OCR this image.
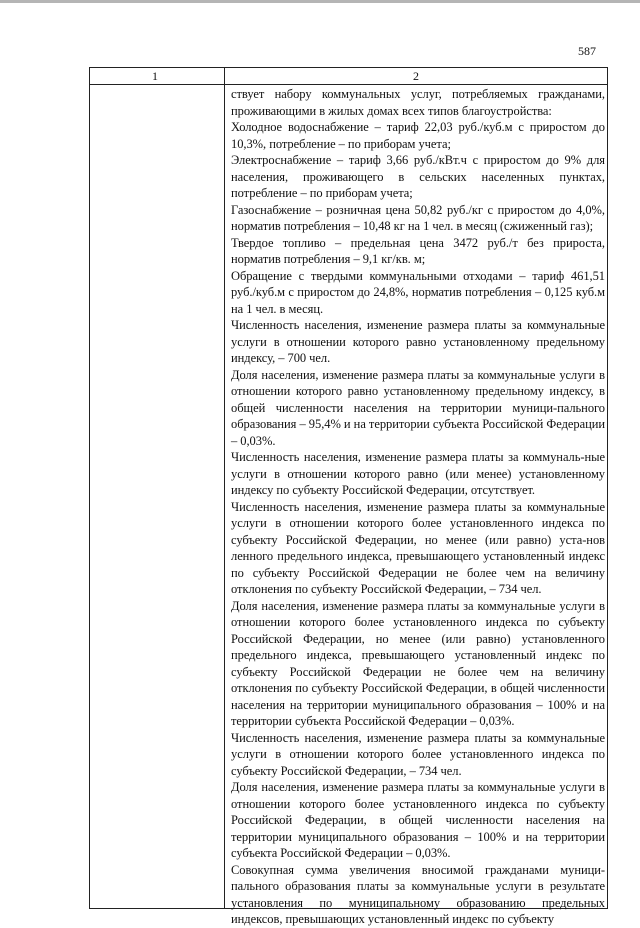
587
1	2

ствует набору коммунальных услуг, потребляемых гражданами, проживающими в жилых домах всех типов благоустройства:

Холодное водоснабжение – тариф 22,03 руб./куб.м с приростом до 10,3%, потребление – по приборам учета;

Электроснабжение – тариф 3,66 руб./кВт.ч с приростом до 9% для населения, проживающего в сельских населенных пунктах, потребление – по приборам учета;

Газоснабжение – розничная цена 50,82 руб./кг с приростом до 4,0%, норматив потребления – 10,48 кг на 1 чел. в месяц (сжиженный газ);

Твердое топливо – предельная цена 3472 руб./т без прироста, норматив потребления – 9,1 кг/кв. м;

Обращение с твердыми коммунальными отходами – тариф 461,51 руб./куб.м с приростом до 24,8%, норматив потребления – 0,125 куб.м на 1 чел. в месяц.

Численность населения, изменение размера платы за коммунальные услуги в отношении которого равно установленному предельному индексу, – 700 чел.

Доля населения, изменение размера платы за коммунальные услуги в отношении которого равно установленному предельному индексу, в общей численности населения на территории муници-пального образования – 95,4% и на территории субъекта Российской Федерации – 0,03%.

Численность населения, изменение размера платы за коммуналь-ные услуги в отношении которого равно (или менее) установленному индексу по субъекту Российской Федерации, отсутствует.

Численность населения, изменение размера платы за коммунальные услуги в отношении которого более установленного индекса по субъекту Российской Федерации, но менее (или равно) уста-нов ленного предельного индекса, превышающего установленный индекс по субъекту Российской Федерации не более чем на величину отклонения по субъекту Российской Федерации, – 734 чел.

Доля населения, изменение размера платы за коммунальные услуги в отношении которого более установленного индекса по субъекту Российской Федерации, но менее (или равно) установленного предельного индекса, превышающего установленный индекс по субъекту Российской Федерации не более чем на величину отклонения по субъекту Российской Федерации, в общей численности населения на территории муниципального образования – 100% и на территории субъекта Российской Федерации – 0,03%.

Численность населения, изменение размера платы за коммунальные услуги в отношении которого более установленного индекса по субъекту Российской Федерации, – 734 чел.

Доля населения, изменение размера платы за коммунальные услуги в отношении которого более установленного индекса по субъекту Российской Федерации, в общей численности населения на территории муниципального образования – 100% и на территории субъекта Российской Федерации – 0,03%.

Совокупная сумма увеличения вносимой гражданами муници-пального образования платы за коммунальные услуги в результате установления по муниципальному образованию предельных индексов, превышающих установленный индекс по субъекту
